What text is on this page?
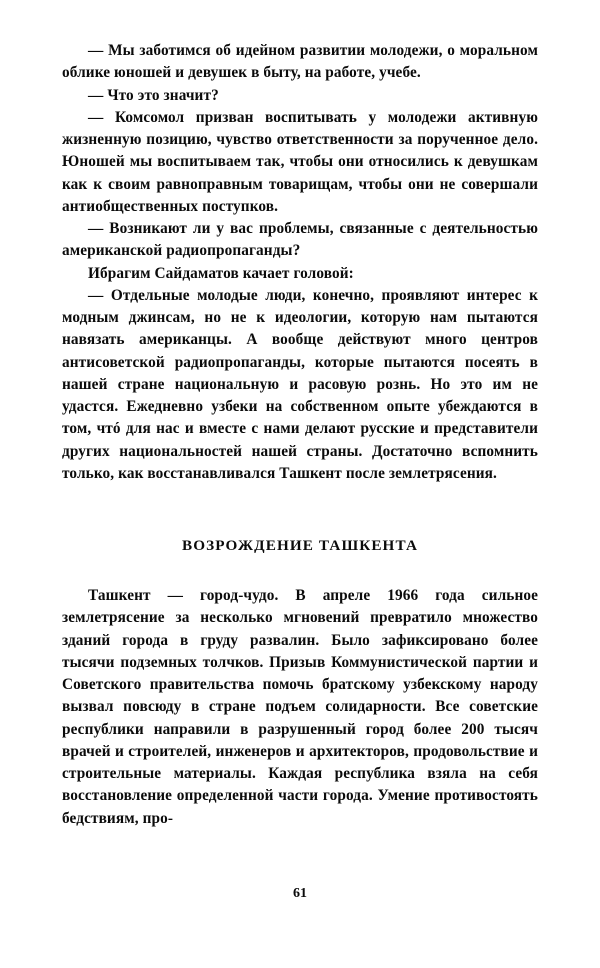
— Мы заботимся об идейном развитии молодежи, о моральном облике юношей и девушек в быту, на работе, учебе.

— Что это значит?

— Комсомол призван воспитывать у молодежи активную жизненную позицию, чувство ответственности за порученное дело. Юношей мы воспитываем так, чтобы они относились к девушкам как к своим равноправным товарищам, чтобы они не совершали антиобщественных поступков.

— Возникают ли у вас проблемы, связанные с деятельностью американской радиопропаганды?

Ибрагим Сайдаматов качает головой:

— Отдельные молодые люди, конечно, проявляют интерес к модным джинсам, но не к идеологии, которую нам пытаются навязать американцы. А вообще действуют много центров антисоветской радиопропаганды, которые пытаются посеять в нашей стране национальную и расовую рознь. Но это им не удастся. Ежедневно узбеки на собственном опыте убеждаются в том, чтó для нас и вместе с нами делают русские и представители других национальностей нашей страны. Достаточно вспомнить только, как восстанавливался Ташкент после землетрясения.

ВОЗРОЖДЕНИЕ ТАШКЕНТА

Ташкент — город-чудо. В апреле 1966 года сильное землетрясение за несколько мгновений превратило множество зданий города в груду развалин. Было зафиксировано более тысячи подземных толчков. Призыв Коммунистической партии и Советского правительства помочь братскому узбекскому народу вызвал повсюду в стране подъем солидарности. Все советские республики направили в разрушенный город более 200 тысяч врачей и строителей, инженеров и архитекторов, продовольствие и строительные материалы. Каждая республика взяла на себя восстановление определенной части города. Умение противостоять бедствиям, про-

61
